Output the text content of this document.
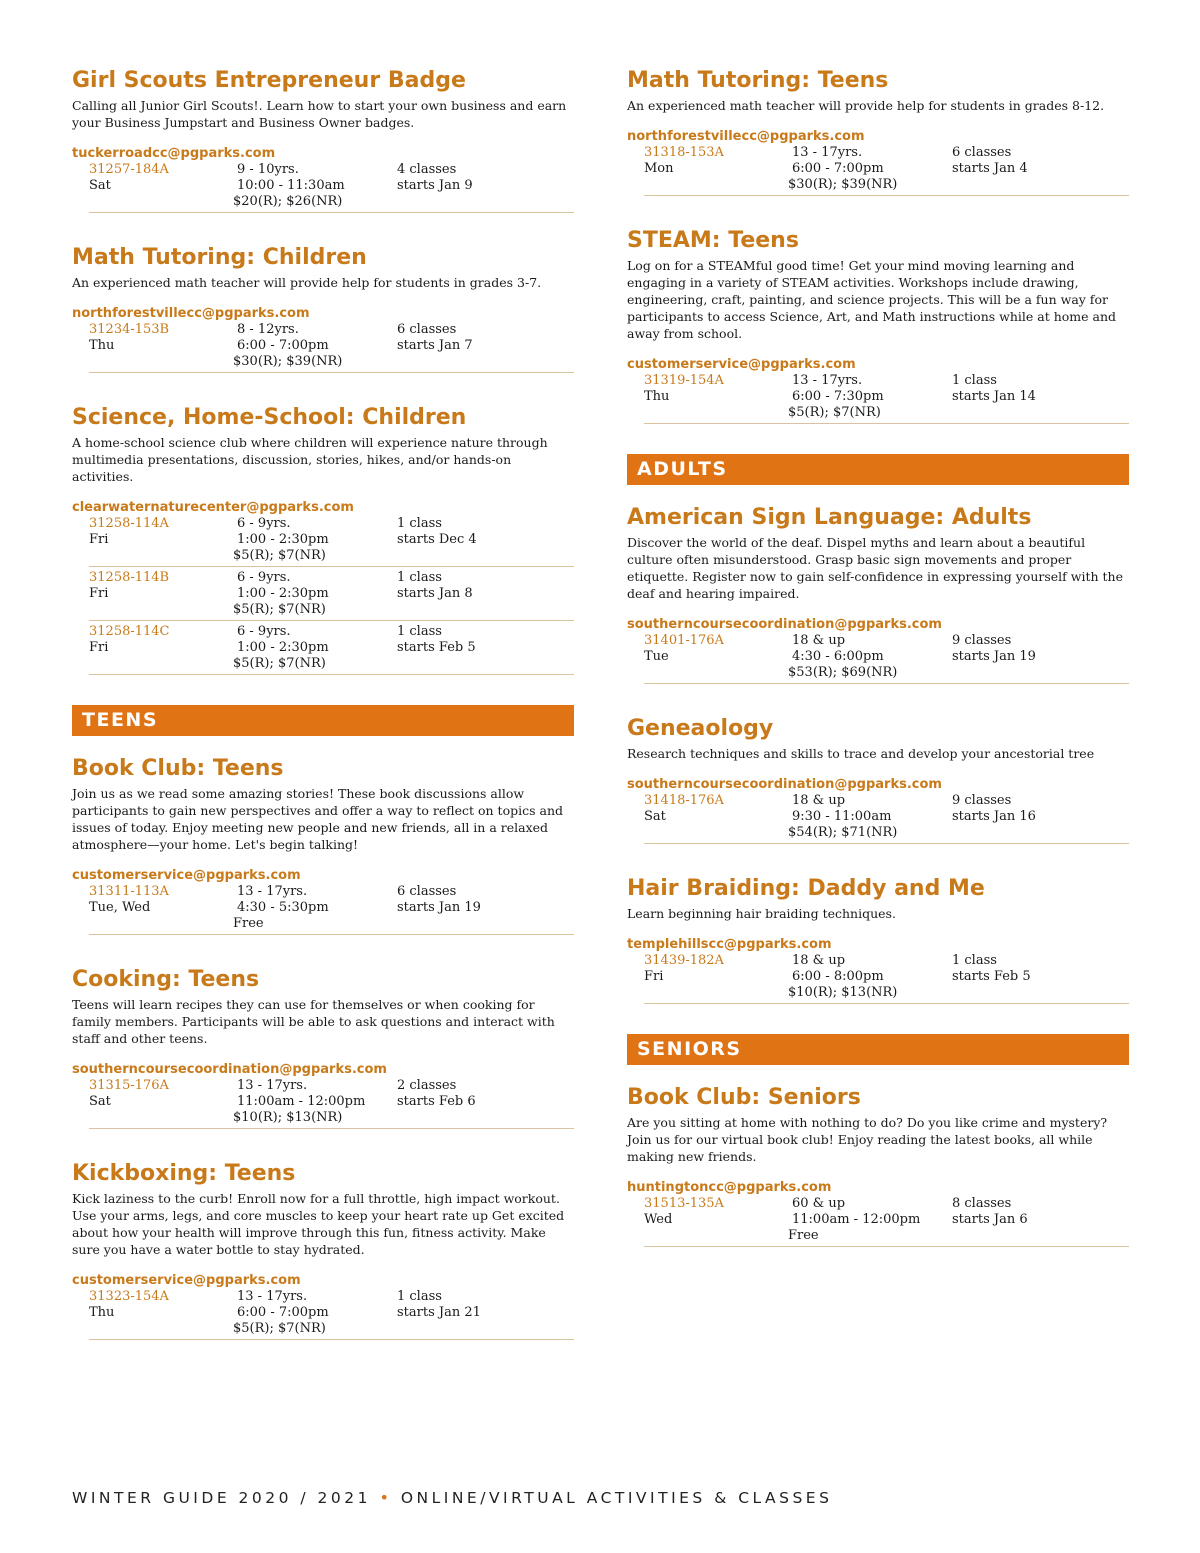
Girl Scouts Entrepreneur Badge
Calling all Junior Girl Scouts!. Learn how to start your own business and earn your Business Jumpstart and Business Owner badges.
tuckerroadcc@pgparks.com
31257-184A
Sat
9 - 10yrs.
10:00 - 11:30am
$20(R); $26(NR)
4 classes
starts Jan 9
Math Tutoring: Children
An experienced math teacher will provide help for students in grades 3-7.
northforestvillecc@pgparks.com
31234-153B
Thu
8 - 12yrs.
6:00 - 7:00pm
$30(R); $39(NR)
6 classes
starts Jan 7
Science, Home-School: Children
A home-school science club where children will experience nature through multimedia presentations, discussion, stories, hikes, and/or hands-on activities.
clearwaternaturecenter@pgparks.com
31258-114A
Fri
6 - 9yrs.
1:00 - 2:30pm
$5(R); $7(NR)
1 class
starts Dec 4
31258-114B
Fri
6 - 9yrs.
1:00 - 2:30pm
$5(R); $7(NR)
1 class
starts Jan 8
31258-114C
Fri
6 - 9yrs.
1:00 - 2:30pm
$5(R); $7(NR)
1 class
starts Feb 5
TEENS
Book Club: Teens
Join us as we read some amazing stories! These book discussions allow participants to gain new perspectives and offer a way to reflect on topics and issues of today. Enjoy meeting new people and new friends, all in a relaxed atmosphere—your home. Let's begin talking!
customerservice@pgparks.com
31311-113A
Tue, Wed
13 - 17yrs.
4:30 - 5:30pm
Free
6 classes
starts Jan 19
Cooking: Teens
Teens will learn recipes they can use for themselves or when cooking for family members. Participants will be able to ask questions and interact with staff and other teens.
southerncoursecoordination@pgparks.com
31315-176A
Sat
13 - 17yrs.
11:00am - 12:00pm
$10(R); $13(NR)
2 classes
starts Feb 6
Kickboxing: Teens
Kick laziness to the curb! Enroll now for a full throttle, high impact workout. Use your arms, legs, and core muscles to keep your heart rate up Get excited about how your health will improve through this fun, fitness activity. Make sure you have a water bottle to stay hydrated.
customerservice@pgparks.com
31323-154A
Thu
13 - 17yrs.
6:00 - 7:00pm
$5(R); $7(NR)
1 class
starts Jan 21
Math Tutoring: Teens
An experienced math teacher will provide help for students in grades 8-12.
northforestvillecc@pgparks.com
31318-153A
Mon
13 - 17yrs.
6:00 - 7:00pm
$30(R); $39(NR)
6 classes
starts Jan 4
STEAM: Teens
Log on for a STEAMful good time! Get your mind moving learning and engaging in a variety of STEAM activities. Workshops include drawing, engineering, craft, painting, and science projects. This will be a fun way for participants to access Science, Art, and Math instructions while at home and away from school.
customerservice@pgparks.com
31319-154A
Thu
13 - 17yrs.
6:00 - 7:30pm
$5(R); $7(NR)
1 class
starts Jan 14
ADULTS
American Sign Language: Adults
Discover the world of the deaf. Dispel myths and learn about a beautiful culture often misunderstood. Grasp basic sign movements and proper etiquette. Register now to gain self-confidence in expressing yourself with the deaf and hearing impaired.
southerncoursecoordination@pgparks.com
31401-176A
Tue
18 & up
4:30 - 6:00pm
$53(R); $69(NR)
9 classes
starts Jan 19
Geneaology
Research techniques and skills to trace and develop your ancestorial tree
southerncoursecoordination@pgparks.com
31418-176A
Sat
18 & up
9:30 - 11:00am
$54(R); $71(NR)
9 classes
starts Jan 16
Hair Braiding: Daddy and Me
Learn beginning hair braiding techniques.
templehillscc@pgparks.com
31439-182A
Fri
18 & up
6:00 - 8:00pm
$10(R); $13(NR)
1 class
starts Feb 5
SENIORS
Book Club: Seniors
Are you sitting at home with nothing to do? Do you like crime and mystery? Join us for our virtual book club! Enjoy reading the latest books, all while making new friends.
huntingtoncc@pgparks.com
31513-135A
Wed
60 & up
11:00am - 12:00pm
Free
8 classes
starts Jan 6
WINTER GUIDE 2020 / 2021 • ONLINE/VIRTUAL ACTIVITIES & CLASSES
